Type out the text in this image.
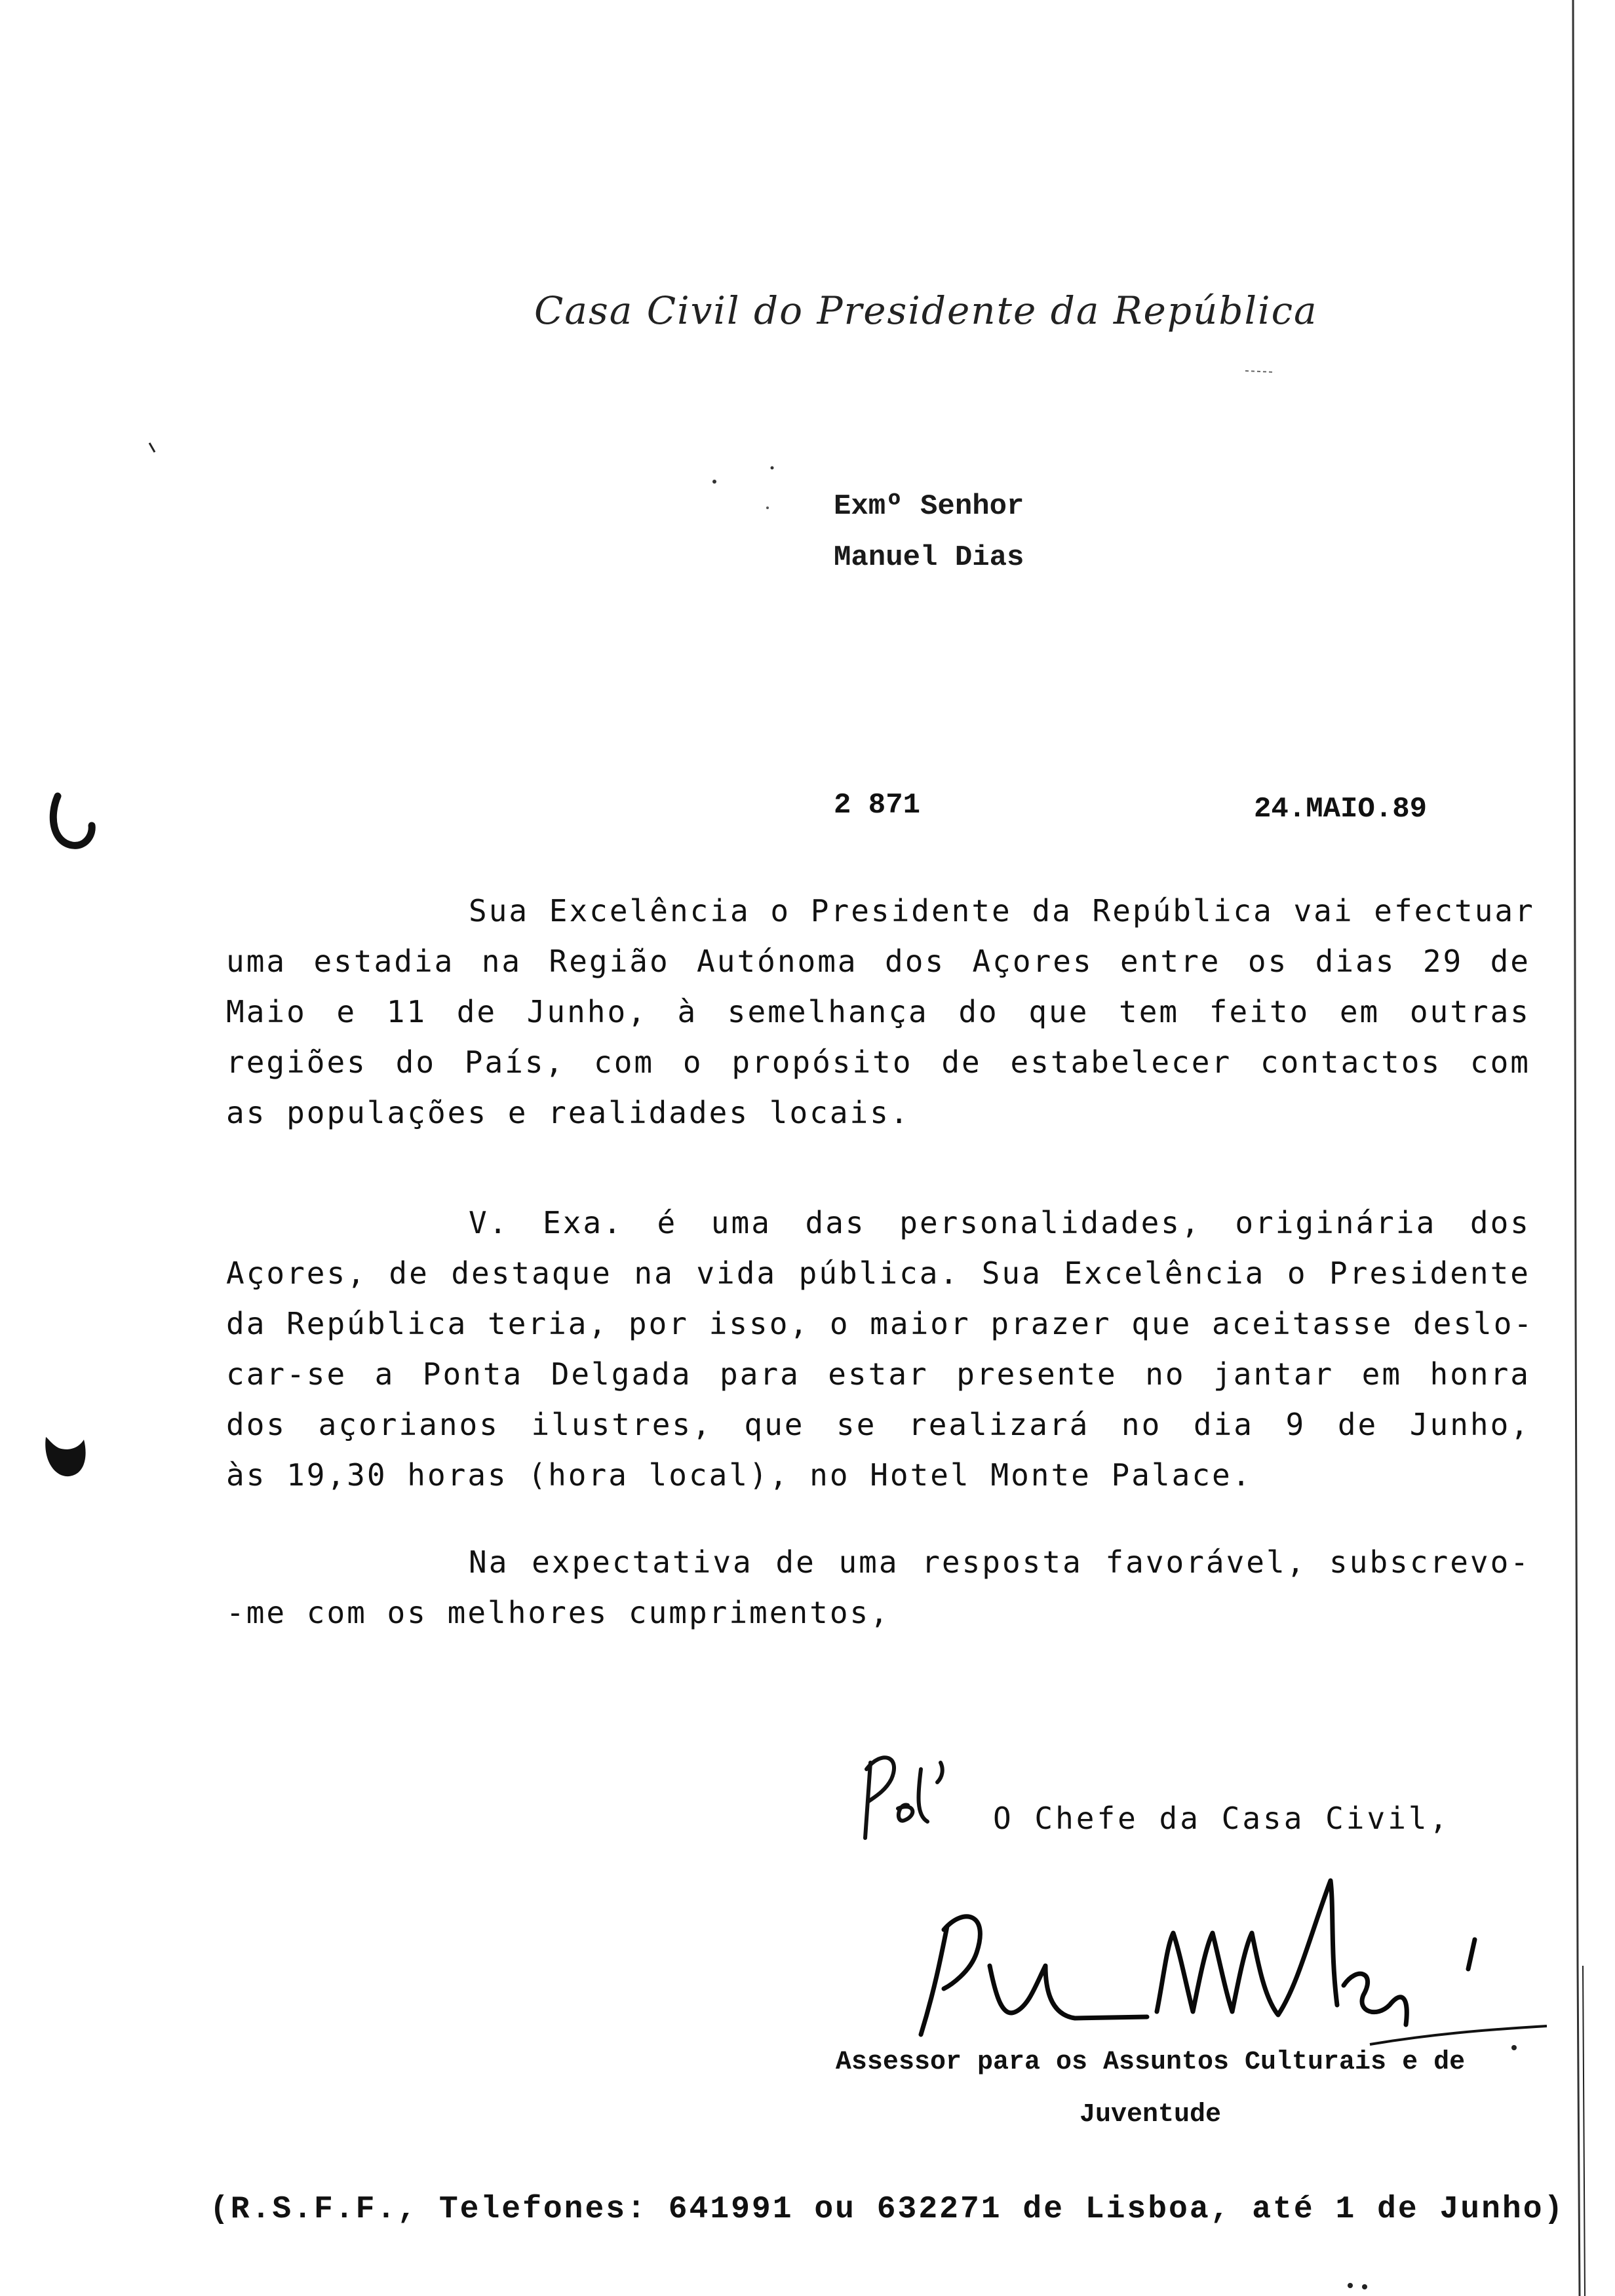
Casa Civil do Presidente da República
Exmº Senhor
Manuel Dias
2 871	24.MAIO.89
Sua Excelência o Presidente da República vai efectuar
uma estadia na Região Autónoma dos Açores entre os dias 29 de
Maio e 11 de Junho, à semelhança do que tem feito em outras
regiões do País, com o propósito de estabelecer contactos com
as populações e realidades locais.
V. Exa. é uma das personalidades, originária dos
Açores, de destaque na vida pública. Sua Excelência o Presidente
da República teria, por isso, o maior prazer que aceitasse deslo-
car-se a Ponta Delgada para estar presente no jantar em honra
dos açorianos ilustres, que se realizará no dia 9 de Junho,
às 19,30 horas (hora local), no Hotel Monte Palace.
Na expectativa de uma resposta favorável, subscrevo-
-me com os melhores cumprimentos,
O Chefe da Casa Civil,
Assessor para os Assuntos Culturais e de
Juventude
(R.S.F.F., Telefones: 641991 ou 632271 de Lisboa, até 1 de Junho)
